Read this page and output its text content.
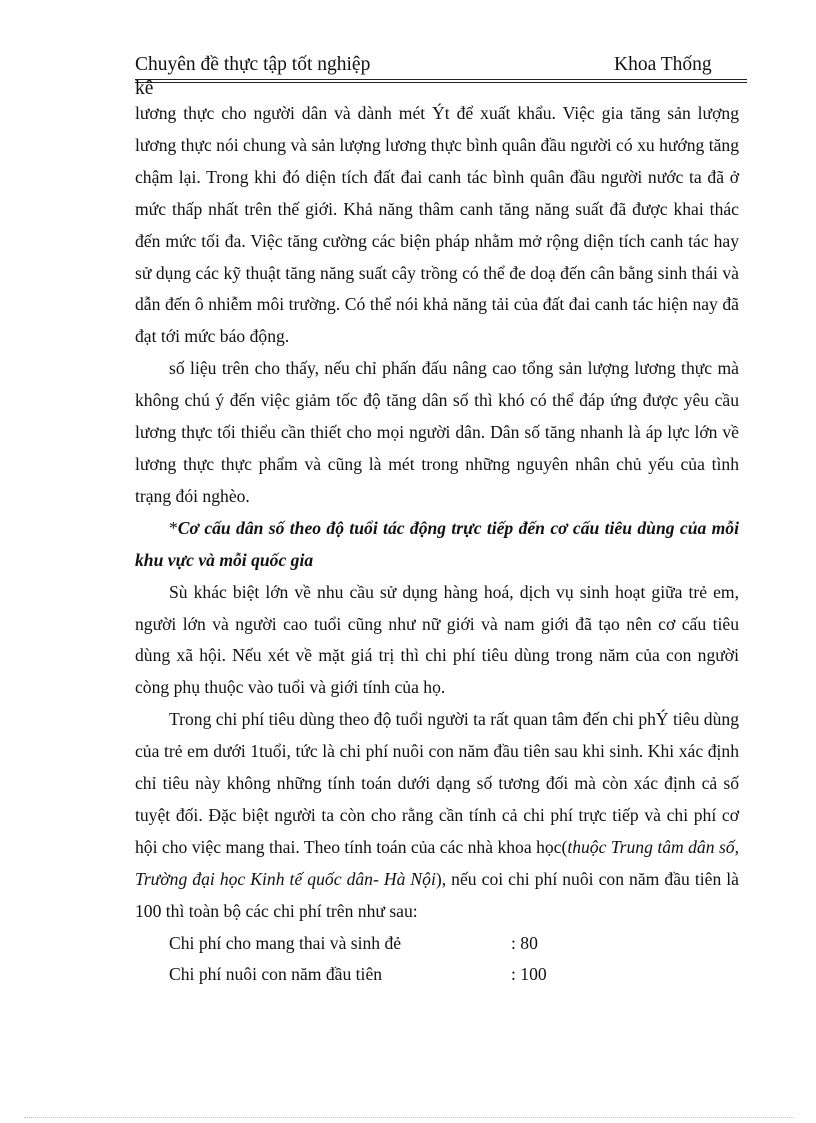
Chuyên đề thực tập tốt nghiệp	Khoa Thống
kê

lương thực cho người dân và dành mét Ýt để xuất khẩu. Việc gia tăng sản lượng lương thực nói chung và sản lượng lương thực bình quân đầu người có xu hướng tăng chậm lại. Trong khi đó diện tích đất đai canh tác bình quân đầu người nước ta đã ở mức thấp nhất trên thế giới. Khả năng thâm canh tăng năng suất đã được khai thác đến mức tối đa. Việc tăng cường các biện pháp nhằm mở rộng diện tích canh tác hay sử dụng các kỹ thuật tăng năng suất cây trồng có thể đe doạ đến cân bằng sinh thái và dẫn đến ô nhiễm môi trường. Có thể nói khả năng tải của đất đai canh tác hiện nay đã đạt tới mức báo động.

số liệu trên cho thấy, nếu chỉ phấn đấu nâng cao tổng sản lượng lương thực mà không chú ý đến việc giảm tốc độ tăng dân số thì khó có thể đáp ứng được yêu cầu lương thực tối thiểu cần thiết cho mọi người dân. Dân số tăng nhanh là áp lực lớn về lương thực thực phẩm và cũng là mét trong những nguyên nhân chủ yếu của tình trạng đói nghèo.

*Cơ cấu dân số theo độ tuổi tác động trực tiếp đến cơ cấu tiêu dùng của mỗi khu vực và mỗi quốc gia

Sù khác biệt lớn về nhu cầu sử dụng hàng hoá, dịch vụ sinh hoạt giữa trẻ em, người lớn và người cao tuổi cũng như nữ giới và nam giới đã tạo nên cơ cấu tiêu dùng xã hội. Nếu xét về mặt giá trị thì chi phí tiêu dùng trong năm của con người còng phụ thuộc vào tuổi và giới tính của họ.

Trong chi phí tiêu dùng theo độ tuổi người ta rất quan tâm đến chi phÝ tiêu dùng của trẻ em dưới 1tuổi, tức là chi phí nuôi con năm đầu tiên sau khi sinh. Khi xác định chỉ tiêu này không những tính toán dưới dạng số tương đối mà còn xác định cả số tuyệt đối. Đặc biệt người ta còn cho rằng cần tính cả chi phí trực tiếp và chi phí cơ hội cho việc mang thai. Theo tính toán của các nhà khoa học(thuộc Trung tâm dân số, Trường đại học Kinh tế quốc dân- Hà Nội), nếu coi chi phí nuôi con năm đầu tiên là 100 thì toàn bộ các chi phí trên như sau:

Chi phí cho mang thai và sinh đẻ	: 80
Chi phí nuôi con năm đầu tiên	: 100
